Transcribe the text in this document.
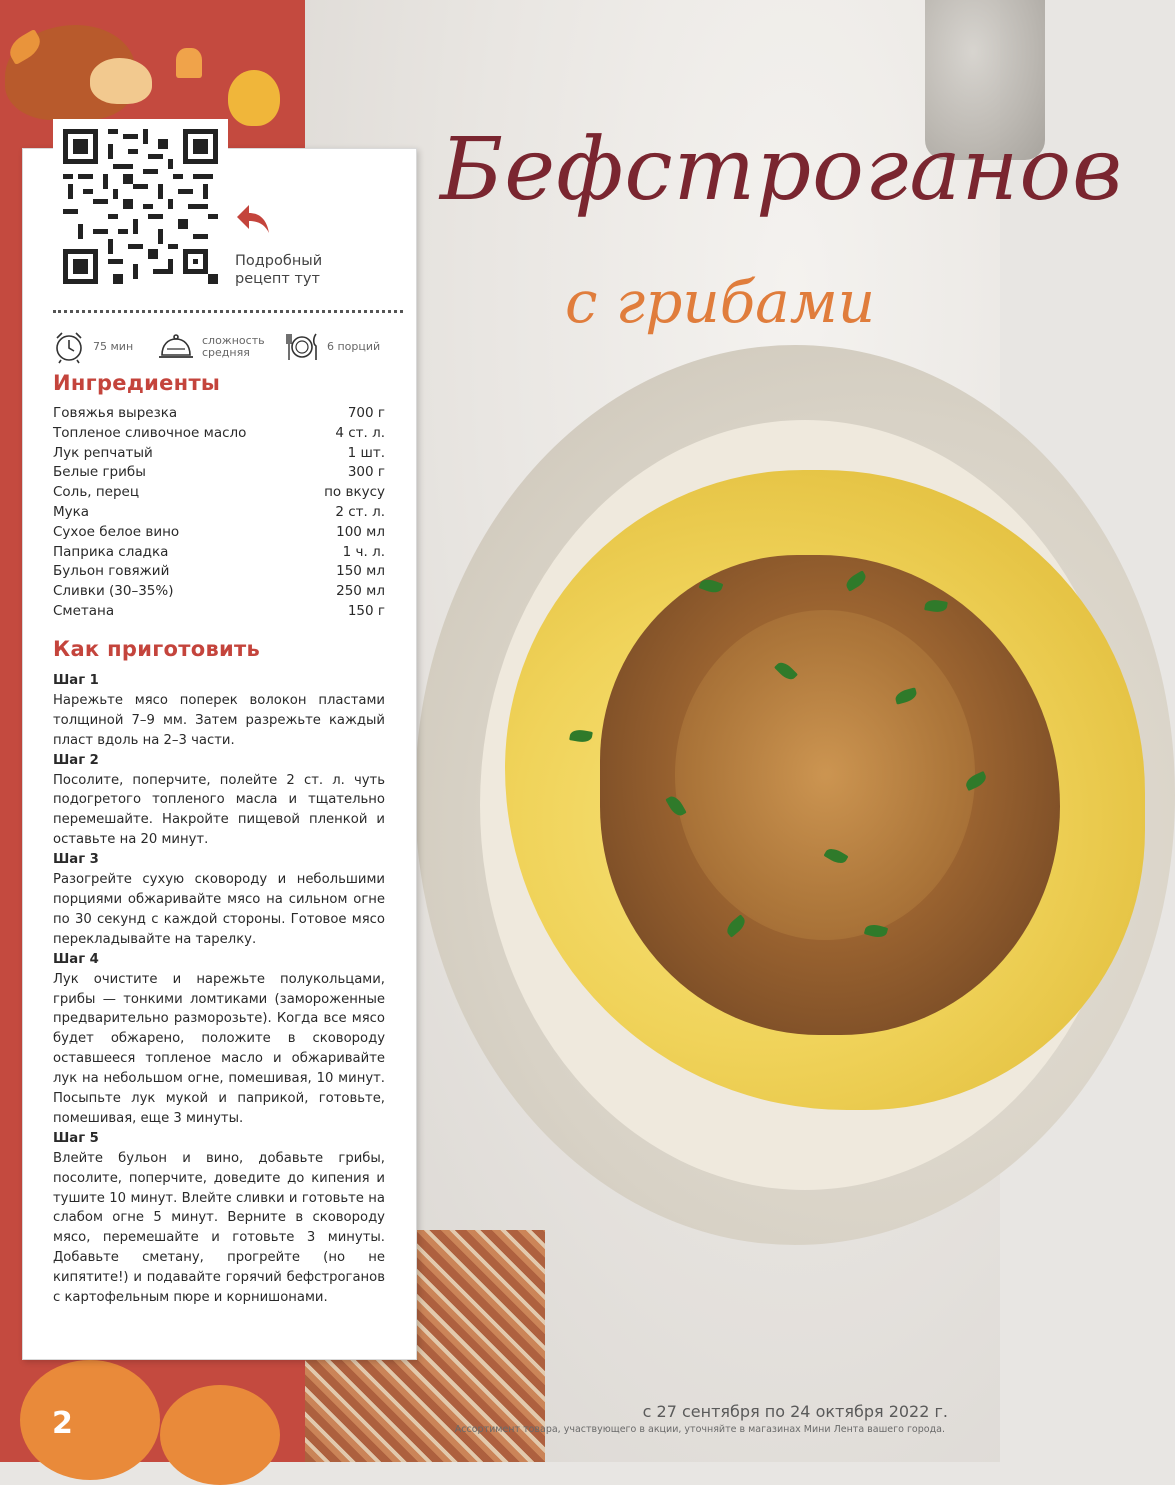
Бефстроганов
с грибами
Подробный рецепт тут
75 мин	сложность
средняя	6 порций
Ингредиенты
Говяжья вырезка	700 г
Топленое сливочное масло	4 ст. л.
Лук репчатый	1 шт.
Белые грибы	300 г
Соль, перец	по вкусу
Мука	2 ст. л.
Сухое белое вино	100 мл
Паприка сладка	1 ч. л.
Бульон говяжий	150 мл
Сливки (30–35%)	250 мл
Сметана	150 г
Как приготовить
Шаг 1
Нарежьте мясо поперек волокон пластами толщиной 7–9 мм. Затем разрежьте каждый пласт вдоль на 2–3 части.
Шаг 2
Посолите, поперчите, полейте 2 ст. л. чуть подогретого топленого масла и тщательно перемешайте. Накройте пищевой пленкой и оставьте на 20 минут.
Шаг 3
Разогрейте сухую сковороду и небольшими порциями обжаривайте мясо на сильном огне по 30 секунд с каждой стороны. Готовое мясо перекладывайте на тарелку.
Шаг 4
Лук очистите и нарежьте полукольцами, грибы — тонкими ломтиками (замороженные предварительно разморозьте). Когда все мясо будет обжарено, положите в сковороду оставшееся топленое масло и обжаривайте лук на небольшом огне, помешивая, 10 минут. Посыпьте лук мукой и паприкой, готовьте, помешивая, еще 3 минуты.
Шаг 5
Влейте бульон и вино, добавьте грибы, посолите, поперчите, доведите до кипения и тушите 10 минут. Влейте сливки и готовьте на слабом огне 5 минут. Верните в сковороду мясо, перемешайте и готовьте 3 минуты. Добавьте сметану, прогрейте (но не кипятите!) и подавайте горячий бефстроганов с картофельным пюре и корнишонами.
2	с 27 сентября по 24 октября 2022 г.
Ассортимент товара, участвующего в акции, уточняйте в магазинах Мини Лента вашего города.
